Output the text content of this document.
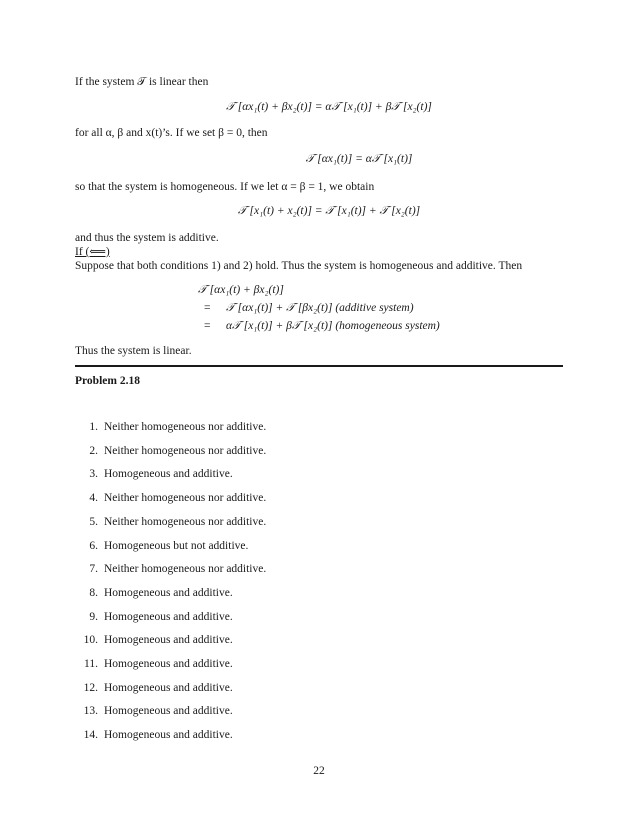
If the system 𝒯 is linear then
𝒯 [αx₁(t) + βx₂(t)] = α𝒯 [x₁(t)] + β𝒯 [x₂(t)]
for all α, β and x(t)’s. If we set β = 0, then
𝒯 [αx₁(t)] = α𝒯 [x₁(t)]
so that the system is homogeneous. If we let α = β = 1, we obtain
𝒯 [x₁(t) + x₂(t)] = 𝒯 [x₁(t)] + 𝒯 [x₂(t)]
and thus the system is additive.
If (⟸)
Suppose that both conditions 1) and 2) hold. Thus the system is homogeneous and additive. Then
𝒯 [αx₁(t) + βx₂(t)]
= 𝒯 [αx₁(t)] + 𝒯 [βx₂(t)] (additive system)
= α𝒯 [x₁(t)] + β𝒯 [x₂(t)] (homogeneous system)
Thus the system is linear.
Problem 2.18
1. Neither homogeneous nor additive.
2. Neither homogeneous nor additive.
3. Homogeneous and additive.
4. Neither homogeneous nor additive.
5. Neither homogeneous nor additive.
6. Homogeneous but not additive.
7. Neither homogeneous nor additive.
8. Homogeneous and additive.
9. Homogeneous and additive.
10. Homogeneous and additive.
11. Homogeneous and additive.
12. Homogeneous and additive.
13. Homogeneous and additive.
14. Homogeneous and additive.
22
